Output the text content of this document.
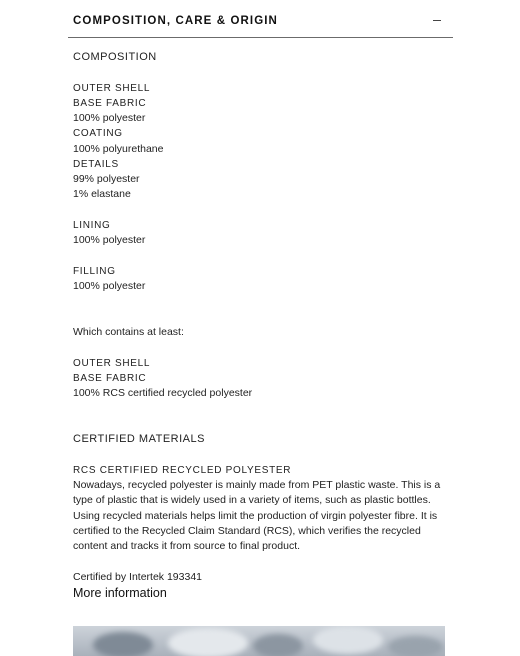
COMPOSITION, CARE & ORIGIN
COMPOSITION
OUTER SHELL
BASE FABRIC
100% polyester
COATING
100% polyurethane
DETAILS
99% polyester
1% elastane
LINING
100% polyester
FILLING
100% polyester
Which contains at least:
OUTER SHELL
BASE FABRIC
100% RCS certified recycled polyester
CERTIFIED MATERIALS
RCS CERTIFIED RECYCLED POLYESTER
Nowadays, recycled polyester is mainly made from PET plastic waste. This is a type of plastic that is widely used in a variety of items, such as plastic bottles. Using recycled materials helps limit the production of virgin polyester fibre. It is certified to the Recycled Claim Standard (RCS), which verifies the recycled content and tracks it from source to final product.
Certified by Intertek 193341
More information
